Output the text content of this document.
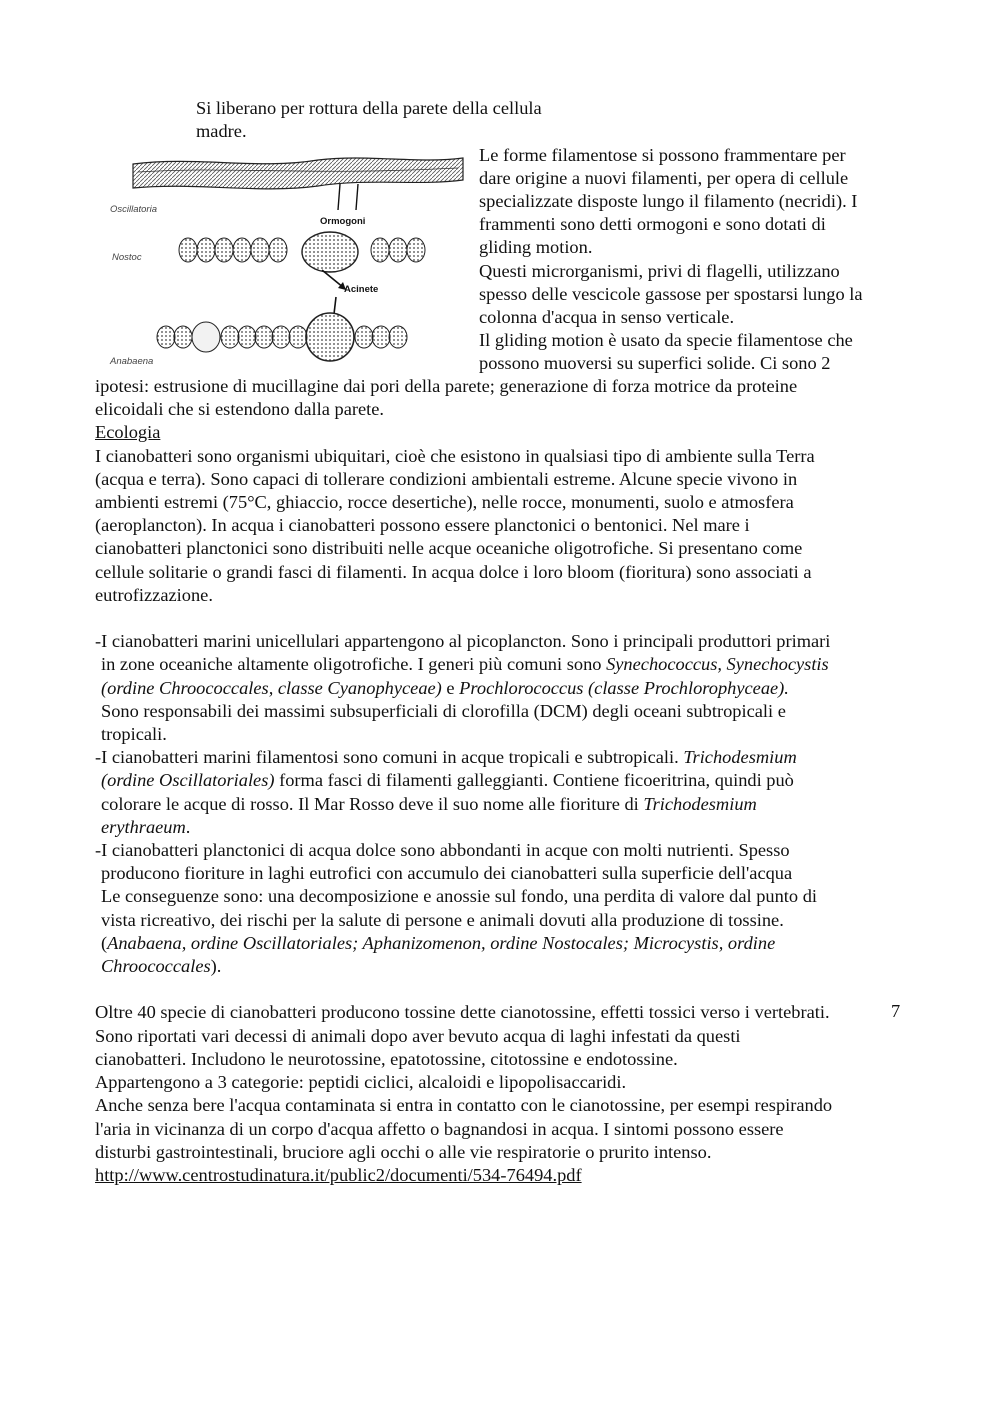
Si liberano per rottura della parete della cellula
madre.
Oscillatoria
Ormogoni
Nostoc
Acinete
Anabaena
Le forme filamentose si possono frammentare per
dare origine a nuovi filamenti, per opera di cellule
specializzate disposte lungo il filamento (necridi). I
frammenti sono detti ormogoni e sono dotati di
gliding motion.
Questi microrganismi, privi di flagelli, utilizzano
spesso delle vescicole gassose per spostarsi lungo la
colonna d'acqua in senso verticale.
Il gliding motion è usato da specie filamentose che
possono muoversi su superfici solide. Ci sono 2

ipotesi: estrusione di mucillagine dai pori della parete; generazione di forza motrice da proteine

elicoidali che si estendono dalla parete.

Ecologia

I cianobatteri sono organismi ubiquitari, cioè che esistono in qualsiasi tipo di ambiente sulla Terra

(acqua e terra). Sono capaci di tollerare condizioni ambientali estreme. Alcune specie vivono in

ambienti estremi (75°C, ghiaccio, rocce desertiche), nelle rocce, monumenti, suolo e atmosfera

(aeroplancton). In acqua i cianobatteri possono essere planctonici o bentonici. Nel mare i

cianobatteri planctonici sono distribuiti nelle acque oceaniche oligotrofiche. Si presentano come

cellule solitarie o grandi fasci di filamenti. In acqua dolce i loro bloom (fioritura) sono associati a

eutrofizzazione.

-I cianobatteri marini unicellulari appartengono al picoplancton. Sono i principali produttori primari

in zone oceaniche altamente oligotrofiche. I generi più comuni sono Synechococcus, Synechocystis

(ordine Chroococcales, classe Cyanophyceae) e Prochlorococcus (classe Prochlorophyceae).

Sono responsabili dei massimi subsuperficiali di clorofilla (DCM) degli oceani subtropicali e

tropicali.

-I cianobatteri marini filamentosi sono comuni in acque tropicali e subtropicali. Trichodesmium

(ordine Oscillatoriales) forma fasci di filamenti galleggianti. Contiene ficoeritrina, quindi può

colorare le acque di rosso. Il Mar Rosso deve il suo nome alle fioriture di Trichodesmium

erythraeum.

-I cianobatteri planctonici di acqua dolce sono abbondanti in acque con molti nutrienti. Spesso

producono fioriture in laghi eutrofici con accumulo dei cianobatteri sulla superficie dell'acqua

Le conseguenze sono: una decomposizione e anossie sul fondo, una perdita di valore dal punto di

vista ricreativo, dei rischi per la salute di persone e animali dovuti alla produzione di tossine.

(Anabaena, ordine Oscillatoriales; Aphanizomenon, ordine Nostocales; Microcystis, ordine

Chroococcales).

Oltre 40 specie di cianobatteri producono tossine dette cianotossine, effetti tossici verso i vertebrati.

Sono riportati vari decessi di animali dopo aver bevuto acqua di laghi infestati da questi

cianobatteri. Includono le neurotossine, epatotossine, citotossine e endotossine.

Appartengono a 3 categorie: peptidi ciclici, alcaloidi e lipopolisaccaridi.

Anche senza bere l'acqua contaminata si entra in contatto con le cianotossine, per esempi respirando

l'aria in vicinanza di un corpo d'acqua affetto o bagnandosi in acqua. I sintomi possono essere

disturbi gastrointestinali, bruciore agli occhi o alle vie respiratorie o prurito intenso.

http://www.centrostudinatura.it/public2/documenti/534-76494.pdf

7
